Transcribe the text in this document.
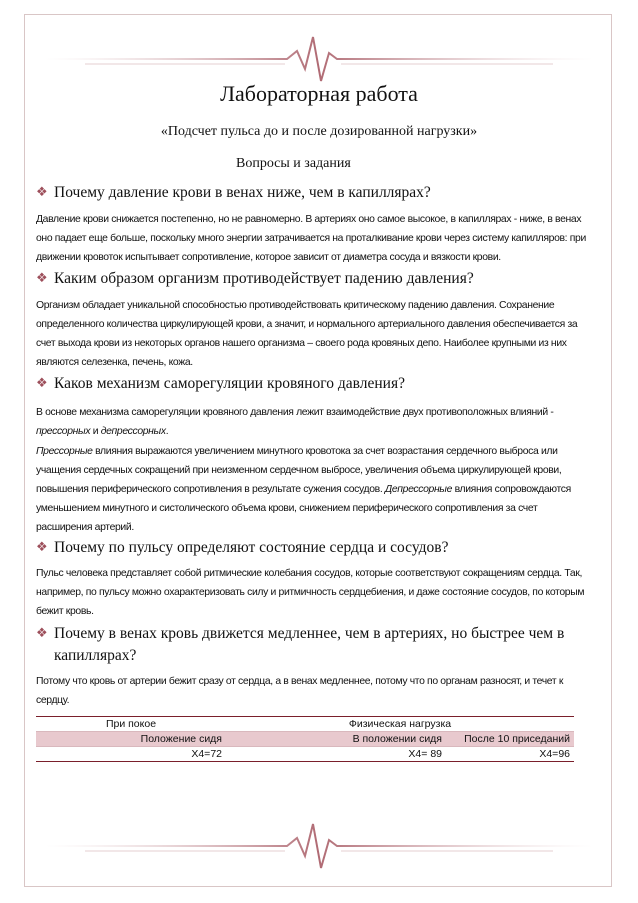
Лабораторная работа
«Подсчет пульса до и после дозированной нагрузки»
Вопросы и задания
❖ Почему давление крови в венах ниже, чем в капиллярах?
Давление крови снижается постепенно, но не равномерно. В артериях оно самое высокое, в капиллярах - ниже, в венах оно падает еще больше, поскольку много энергии затрачивается на проталкивание крови через систему капилляров: при движении кровоток испытывает сопротивление, которое зависит от диаметра сосуда и вязкости крови.
❖ Каким образом организм противодействует падению давления?
Организм обладает уникальной способностью противодействовать критическому падению давления. Сохранение определенного количества циркулирующей крови, а значит, и нормального артериального давления обеспечивается за счет выхода крови из некоторых органов нашего организма – своего рода кровяных депо. Наиболее крупными из них являются селезенка, печень, кожа.
❖ Каков механизм саморегуляции кровяного давления?
В основе механизма саморегуляции кровяного давления лежит взаимодействие двух противоположных влияний - прессорных и депрессорных.
Прессорные влияния выражаются увеличением минутного кровотока за счет возрастания сердечного выброса или учащения сердечных сокращений при неизменном сердечном выбросе, увеличения объема циркулирующей крови, повышения периферического сопротивления в результате сужения сосудов. Депрессорные влияния сопровождаются уменьшением минутного и систолического объема крови, снижением периферического сопротивления за счет расширения артерий.
❖ Почему по пульсу определяют состояние сердца и сосудов?
Пульс человека представляет собой ритмические колебания сосудов, которые соответствуют сокращениям сердца. Так, например, по пульсу можно охарактеризовать силу и ритмичность сердцебиения, и даже состояние сосудов, по которым бежит кровь.
❖ Почему в венах кровь движется медленнее, чем в артериях, но быстрее чем в капиллярах?
Потому что кровь от артерии бежит сразу от сердца, а в венах медленнее, потому что по органам разносят, и течет к сердцу.
При покое	Физическая нагрузка	
Положение сидя	В положении сидя	После 10 приседаний
X4=72	X4= 89	X4=96
